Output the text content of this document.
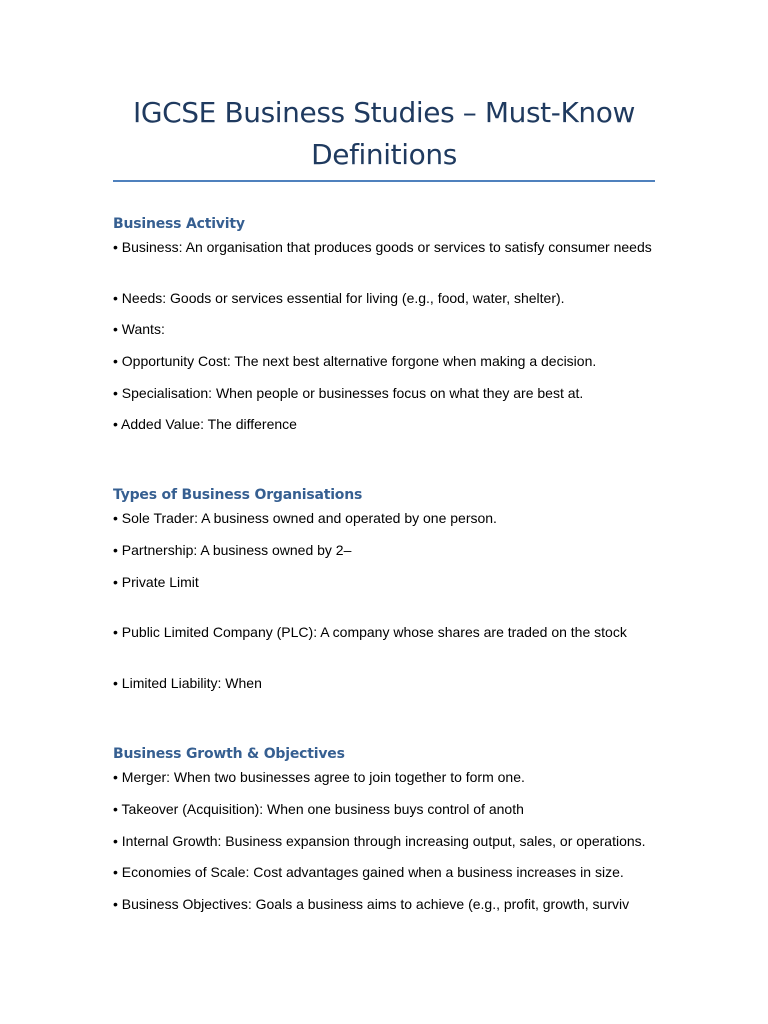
IGCSE Business Studies – Must-Know Definitions
Business Activity

• Business: An organisation that produces goods or services to satisfy consumer needs

• Needs: Goods or services essential for living (e.g., food, water, shelter).

• Wants:

• Opportunity Cost: The next best alternative forgone when making a decision.

• Specialisation: When people or businesses focus on what they are best at.

• Added Value: The difference

Types of Business Organisations

• Sole Trader: A business owned and operated by one person.

• Partnership: A business owned by 2–

• Private Limit

• Public Limited Company (PLC): A company whose shares are traded on the stock

• Limited Liability: When

Business Growth & Objectives

• Merger: When two businesses agree to join together to form one.

• Takeover (Acquisition): When one business buys control of anoth

• Internal Growth: Business expansion through increasing output, sales, or operations.

• Economies of Scale: Cost advantages gained when a business increases in size.

• Business Objectives: Goals a business aims to achieve (e.g., profit, growth, surviv
